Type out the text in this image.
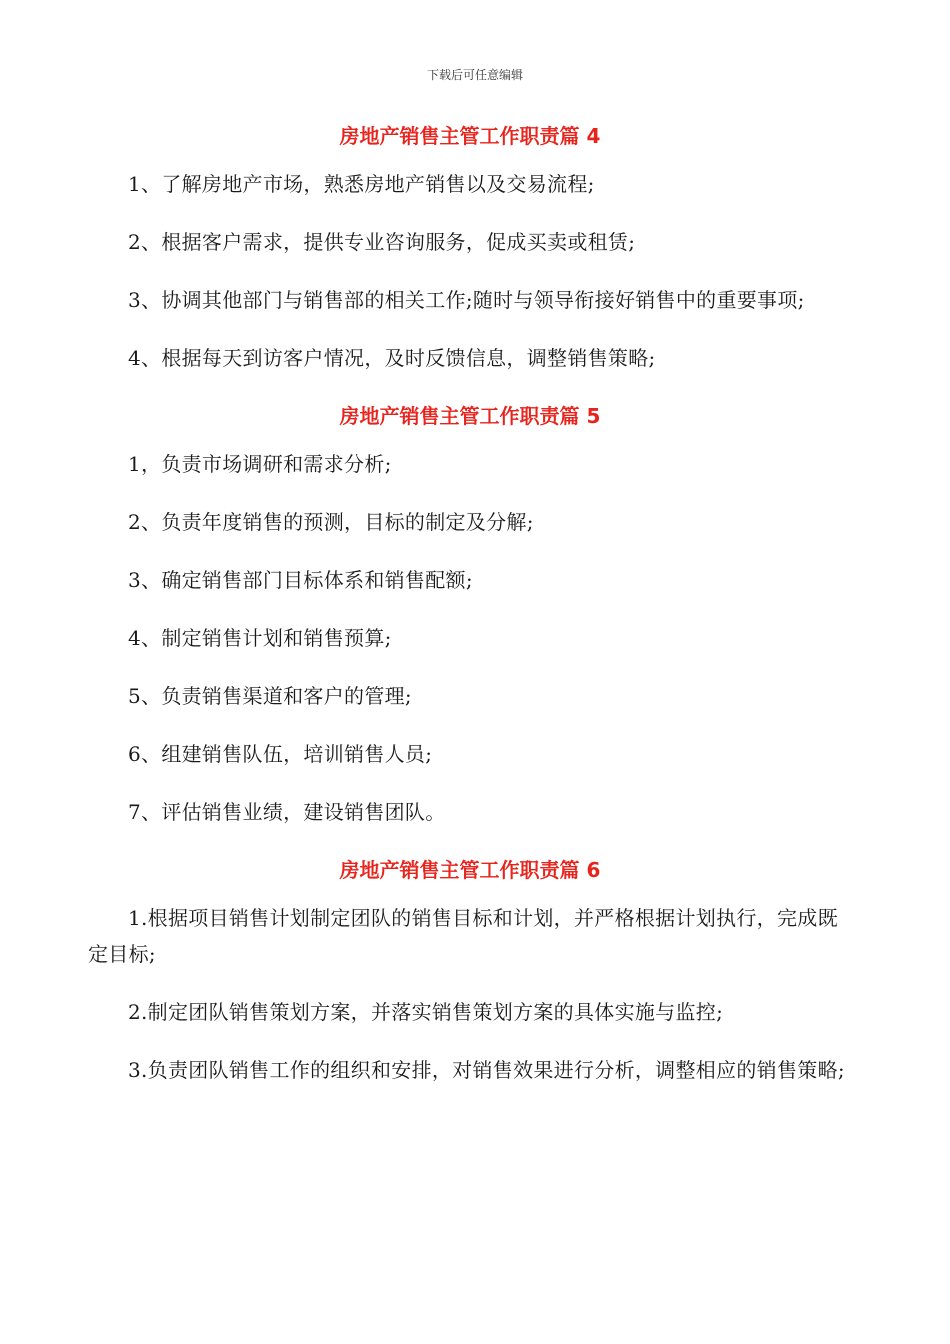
下载后可任意编辑
房地产销售主管工作职责篇 4

1、了解房地产市场，熟悉房地产销售以及交易流程;

2、根据客户需求，提供专业咨询服务，促成买卖或租赁;

3、协调其他部门与销售部的相关工作;随时与领导衔接好销售中的重要事项;

4、根据每天到访客户情况，及时反馈信息，调整销售策略;

房地产销售主管工作职责篇 5

1，负责市场调研和需求分析;

2、负责年度销售的预测，目标的制定及分解;

3、确定销售部门目标体系和销售配额;

4、制定销售计划和销售预算;

5、负责销售渠道和客户的管理;

6、组建销售队伍，培训销售人员;

7、评估销售业绩，建设销售团队。

房地产销售主管工作职责篇 6

1.根据项目销售计划制定团队的销售目标和计划，并严格根据计划执行，完成既定目标;

2.制定团队销售策划方案，并落实销售策划方案的具体实施与监控;

3.负责团队销售工作的组织和安排，对销售效果进行分析，调整相应的销售策略;
